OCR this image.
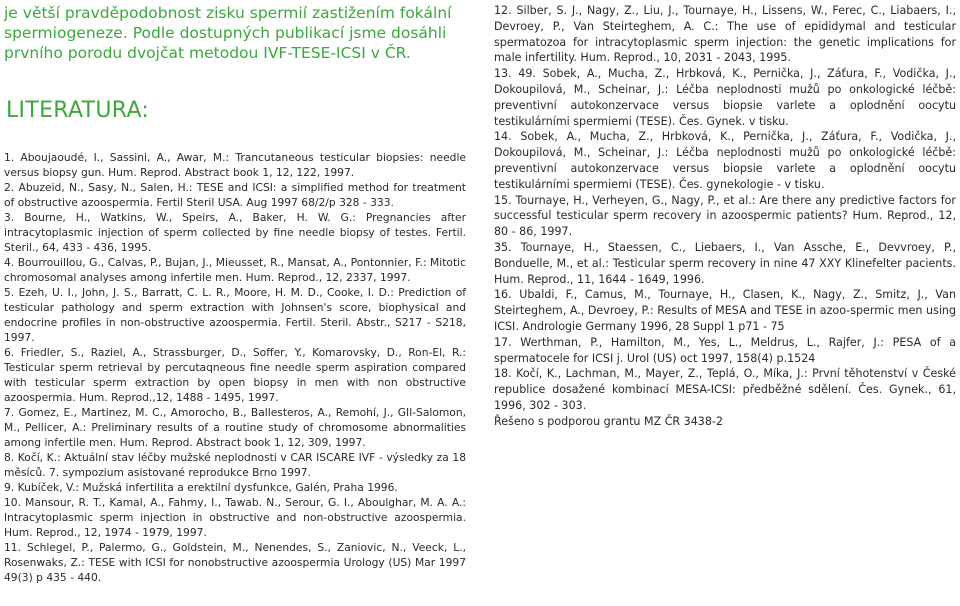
je větší pravděpodobnost zisku spermií zastižením fokální spermiogeneze. Podle dostupných publikací jsme dosáhli prvního porodu dvojčat metodou IVF-TESE-ICSI v ČR.

LITERATURA:
1. Aboujaoudé, I., Sassini, A., Awar, M.: Trancutaneous testicular biopsies: needle versus biopsy gun. Hum. Reprod. Abstract book 1, 12, 122, 1997.
2. Abuzeid, N., Sasy, N., Salen, H.: TESE and ICSI: a simplified method for treatment of obstructive azoospermia. Fertil Steril USA. Aug 1997 68/2/p 328 - 333.
3. Bourne, H., Watkins, W., Speirs, A., Baker, H. W. G.: Pregnancies after intracytoplasmic injection of sperm collected by fine needle biopsy of testes. Fertil. Steril., 64, 433 - 436, 1995.
4. Bourrouillou, G., Calvas, P., Bujan, J., Mieusset, R., Mansat, A., Pontonnier, F.: Mitotic chromosomal analyses among infertile men. Hum. Reprod., 12, 2337, 1997.
5. Ezeh, U. I., John, J. S., Barratt, C. L. R., Moore, H. M. D., Cooke, I. D.: Prediction of testicular pathology and sperm extraction with Johnsen's score, biophysical and endocrine profiles in non-obstructive azoospermia. Fertil. Steril. Abstr., S217 - S218, 1997.
6. Friedler, S., Raziel, A., Strassburger, D., Soffer, Y., Komarovsky, D., Ron-El, R.: Testicular sperm retrieval by percutaqneous fine needle sperm aspiration compared with testicular sperm extraction by open biopsy in men with non obstructive azoospermia. Hum. Reprod.,12, 1488 - 1495, 1997.
7. Gomez, E., Martinez, M. C., Amorocho, B., Ballesteros, A., Remohí, J., GIl-Salomon, M., Pellicer, A.: Preliminary results of a routine study of chromosome abnormalities among infertile men. Hum. Reprod. Abstract book 1, 12, 309, 1997.
8. Kočí, K.: Aktuální stav léčby mužské neplodnosti v CAR ISCARE IVF - výsledky za 18 měsíců. 7. sympozium asistované reprodukce Brno 1997.
9. Kubíček, V.: Mužská infertilita a erektilní dysfunkce, Galén, Praha 1996.
10. Mansour, R. T., Kamal, A., Fahmy, I., Tawab. N., Serour, G. I., Aboulghar, M. A. A.: Intracytoplasmic sperm injection in obstructive and non-obstructive azoospermia. Hum. Reprod., 12, 1974 - 1979, 1997.
11. Schlegel, P., Palermo, G., Goldstein, M., Nenendes, S., Zaniovic, N., Veeck, L., Rosenwaks, Z.: TESE with ICSI for nonobstructive azoospermia Urology (US) Mar 1997 49(3) p 435 - 440.
12. Silber, S. J., Nagy, Z., Liu, J., Tournaye, H., Lissens, W., Ferec, C., Liabaers, I., Devroey, P., Van Steirteghem, A. C.: The use of epididymal and testicular spermatozoa for intracytoplasmic sperm injection: the genetic implications for male infertility. Hum. Reprod., 10, 2031 - 2043, 1995.
13. 49. Sobek, A., Mucha, Z., Hrbková, K., Pernička, J., Záťura, F., Vodička, J., Dokoupilová, M., Scheinar, J.: Léčba neplodnosti mužů po onkologické léčbě: preventivní autokonzervace versus biopsie varlete a oplodnění oocytu testikulárními spermiemi (TESE). Čes. Gynek. v tisku.
14. Sobek, A., Mucha, Z., Hrbková, K., Pernička, J., Záťura, F., Vodička, J., Dokoupilová, M., Scheinar, J.: Léčba neplodnosti mužů po onkologické léčbě: preventivní autokonzervace versus biopsie varlete a oplodnění oocytu testikulárními spermiemi (TESE). Čes. gynekologie - v tisku.
15. Tournaye, H., Verheyen, G., Nagy, P., et al.: Are there any predictive factors for successful testicular sperm recovery in azoospermic patients? Hum. Reprod., 12, 80 - 86, 1997.
35. Tournaye, H., Staessen, C., Liebaers, I., Van Assche, E., Devvroey, P., Bonduelle, M., et al.: Testicular sperm recovery in nine 47 XXY Klinefelter pacients. Hum. Reprod., 11, 1644 - 1649, 1996.
16. Ubaldi, F., Camus, M., Tournaye, H., Clasen, K., Nagy, Z., Smitz, J., Van Steirteghem, A., Devroey, P.: Results of MESA and TESE in azoo-spermic men using ICSI. Andrologie Germany 1996, 28 Suppl 1 p71 - 75
17. Werthman, P., Hamilton, M., Yes, L., Meldrus, L., Rajfer, J.: PESA of a spermatocele for ICSI j. Urol (US) oct 1997, 158(4) p.1524
18. Kočí, K., Lachman, M., Mayer, Z., Teplá, O., Míka, J.: První těhotenství v České republice dosažené kombinací MESA-ICSI: předběžné sdělení. Čes. Gynek., 61, 1996, 302 - 303.
Řešeno s podporou grantu MZ ČR 3438-2
